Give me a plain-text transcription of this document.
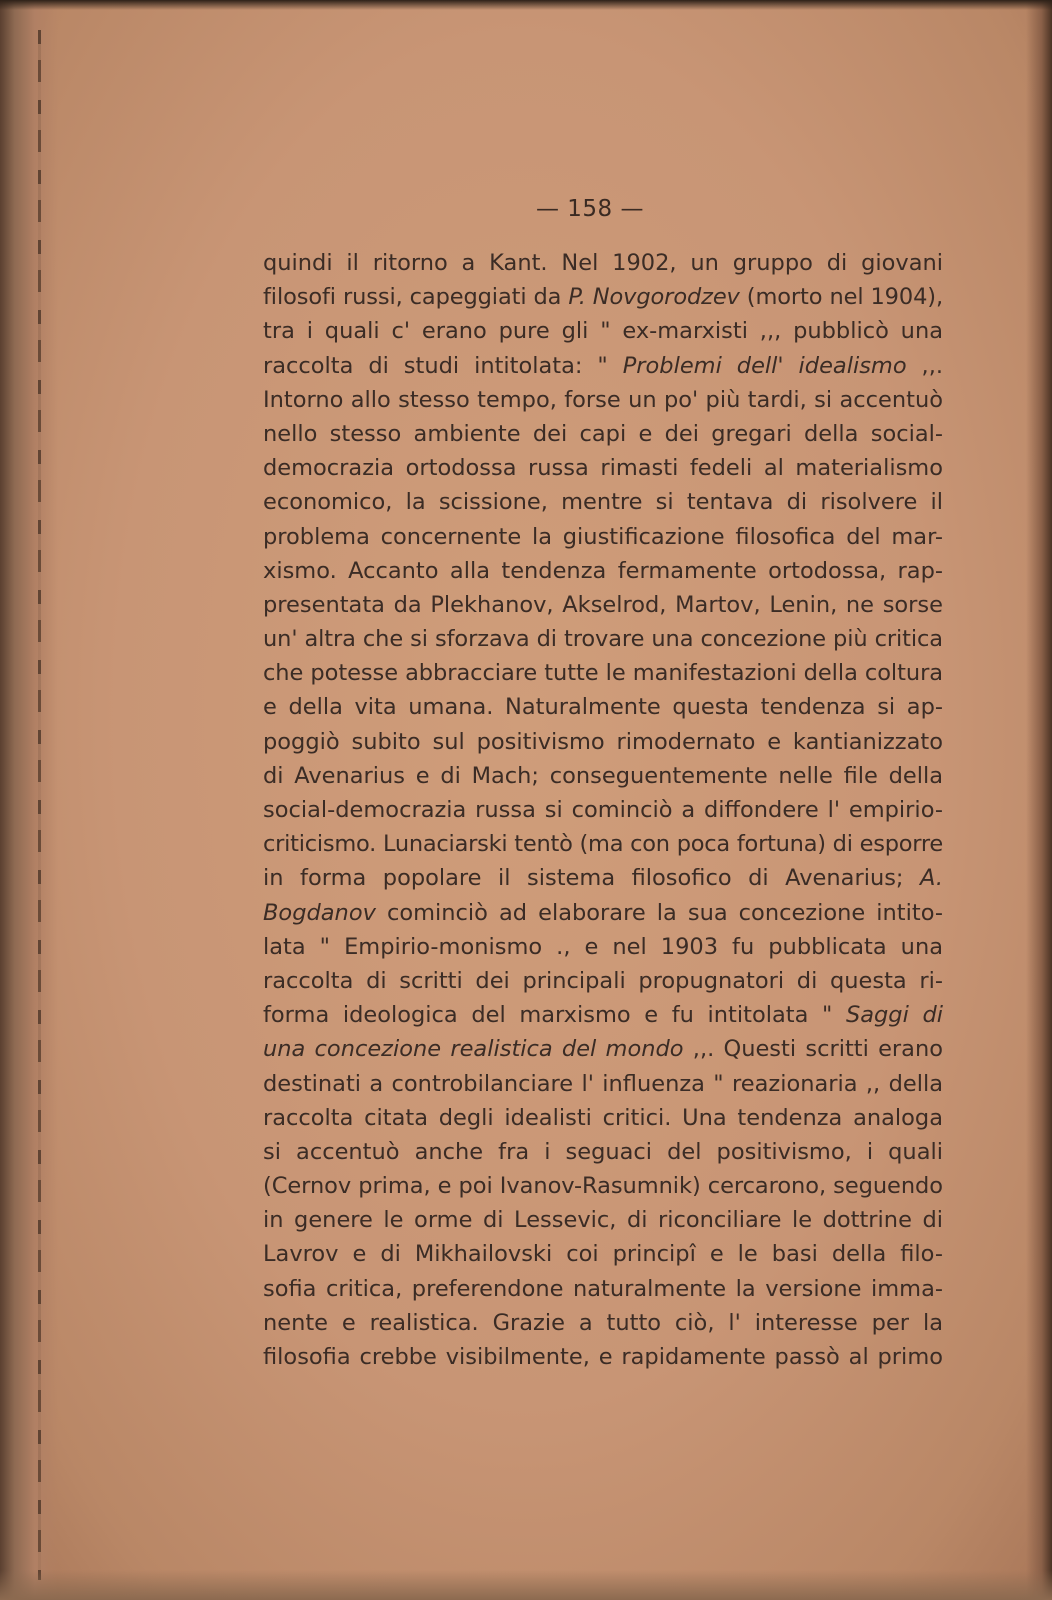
— 158 —
quindi il ritorno a Kant. Nel 1902, un gruppo di giovani
filosofi russi, capeggiati da P. Novgorodzev (morto nel 1904),
tra i quali c' erano pure gli " ex-marxisti ,,, pubblicò una
raccolta di studi intitolata: " Problemi dell' idealismo ,,.
Intorno allo stesso tempo, forse un po' più tardi, si accentuò
nello stesso ambiente dei capi e dei gregari della social-
democrazia ortodossa russa rimasti fedeli al materialismo
economico, la scissione, mentre si tentava di risolvere il
problema concernente la giustificazione filosofica del mar-
xismo. Accanto alla tendenza fermamente ortodossa, rap-
presentata da Plekhanov, Akselrod, Martov, Lenin, ne sorse
un' altra che si sforzava di trovare una concezione più critica
che potesse abbracciare tutte le manifestazioni della coltura
e della vita umana. Naturalmente questa tendenza si ap-
poggiò subito sul positivismo rimodernato e kantianizzato
di Avenarius e di Mach; conseguentemente nelle file della
social-democrazia russa si cominciò a diffondere l' empirio-
criticismo. Lunaciarski tentò (ma con poca fortuna) di esporre
in forma popolare il sistema filosofico di Avenarius; A.
Bogdanov cominciò ad elaborare la sua concezione intito-
lata " Empirio-monismo ., e nel 1903 fu pubblicata una
raccolta di scritti dei principali propugnatori di questa ri-
forma ideologica del marxismo e fu intitolata " Saggi di
una concezione realistica del mondo ,,. Questi scritti erano
destinati a controbilanciare l' influenza " reazionaria ,, della
raccolta citata degli idealisti critici. Una tendenza analoga
si accentuò anche fra i seguaci del positivismo, i quali
(Cernov prima, e poi Ivanov-Rasumnik) cercarono, seguendo
in genere le orme di Lessevic, di riconciliare le dottrine di
Lavrov e di Mikhailovski coi principî e le basi della filo-
sofia critica, preferendone naturalmente la versione imma-
nente e realistica. Grazie a tutto ciò, l' interesse per la
filosofia crebbe visibilmente, e rapidamente passò al primo
